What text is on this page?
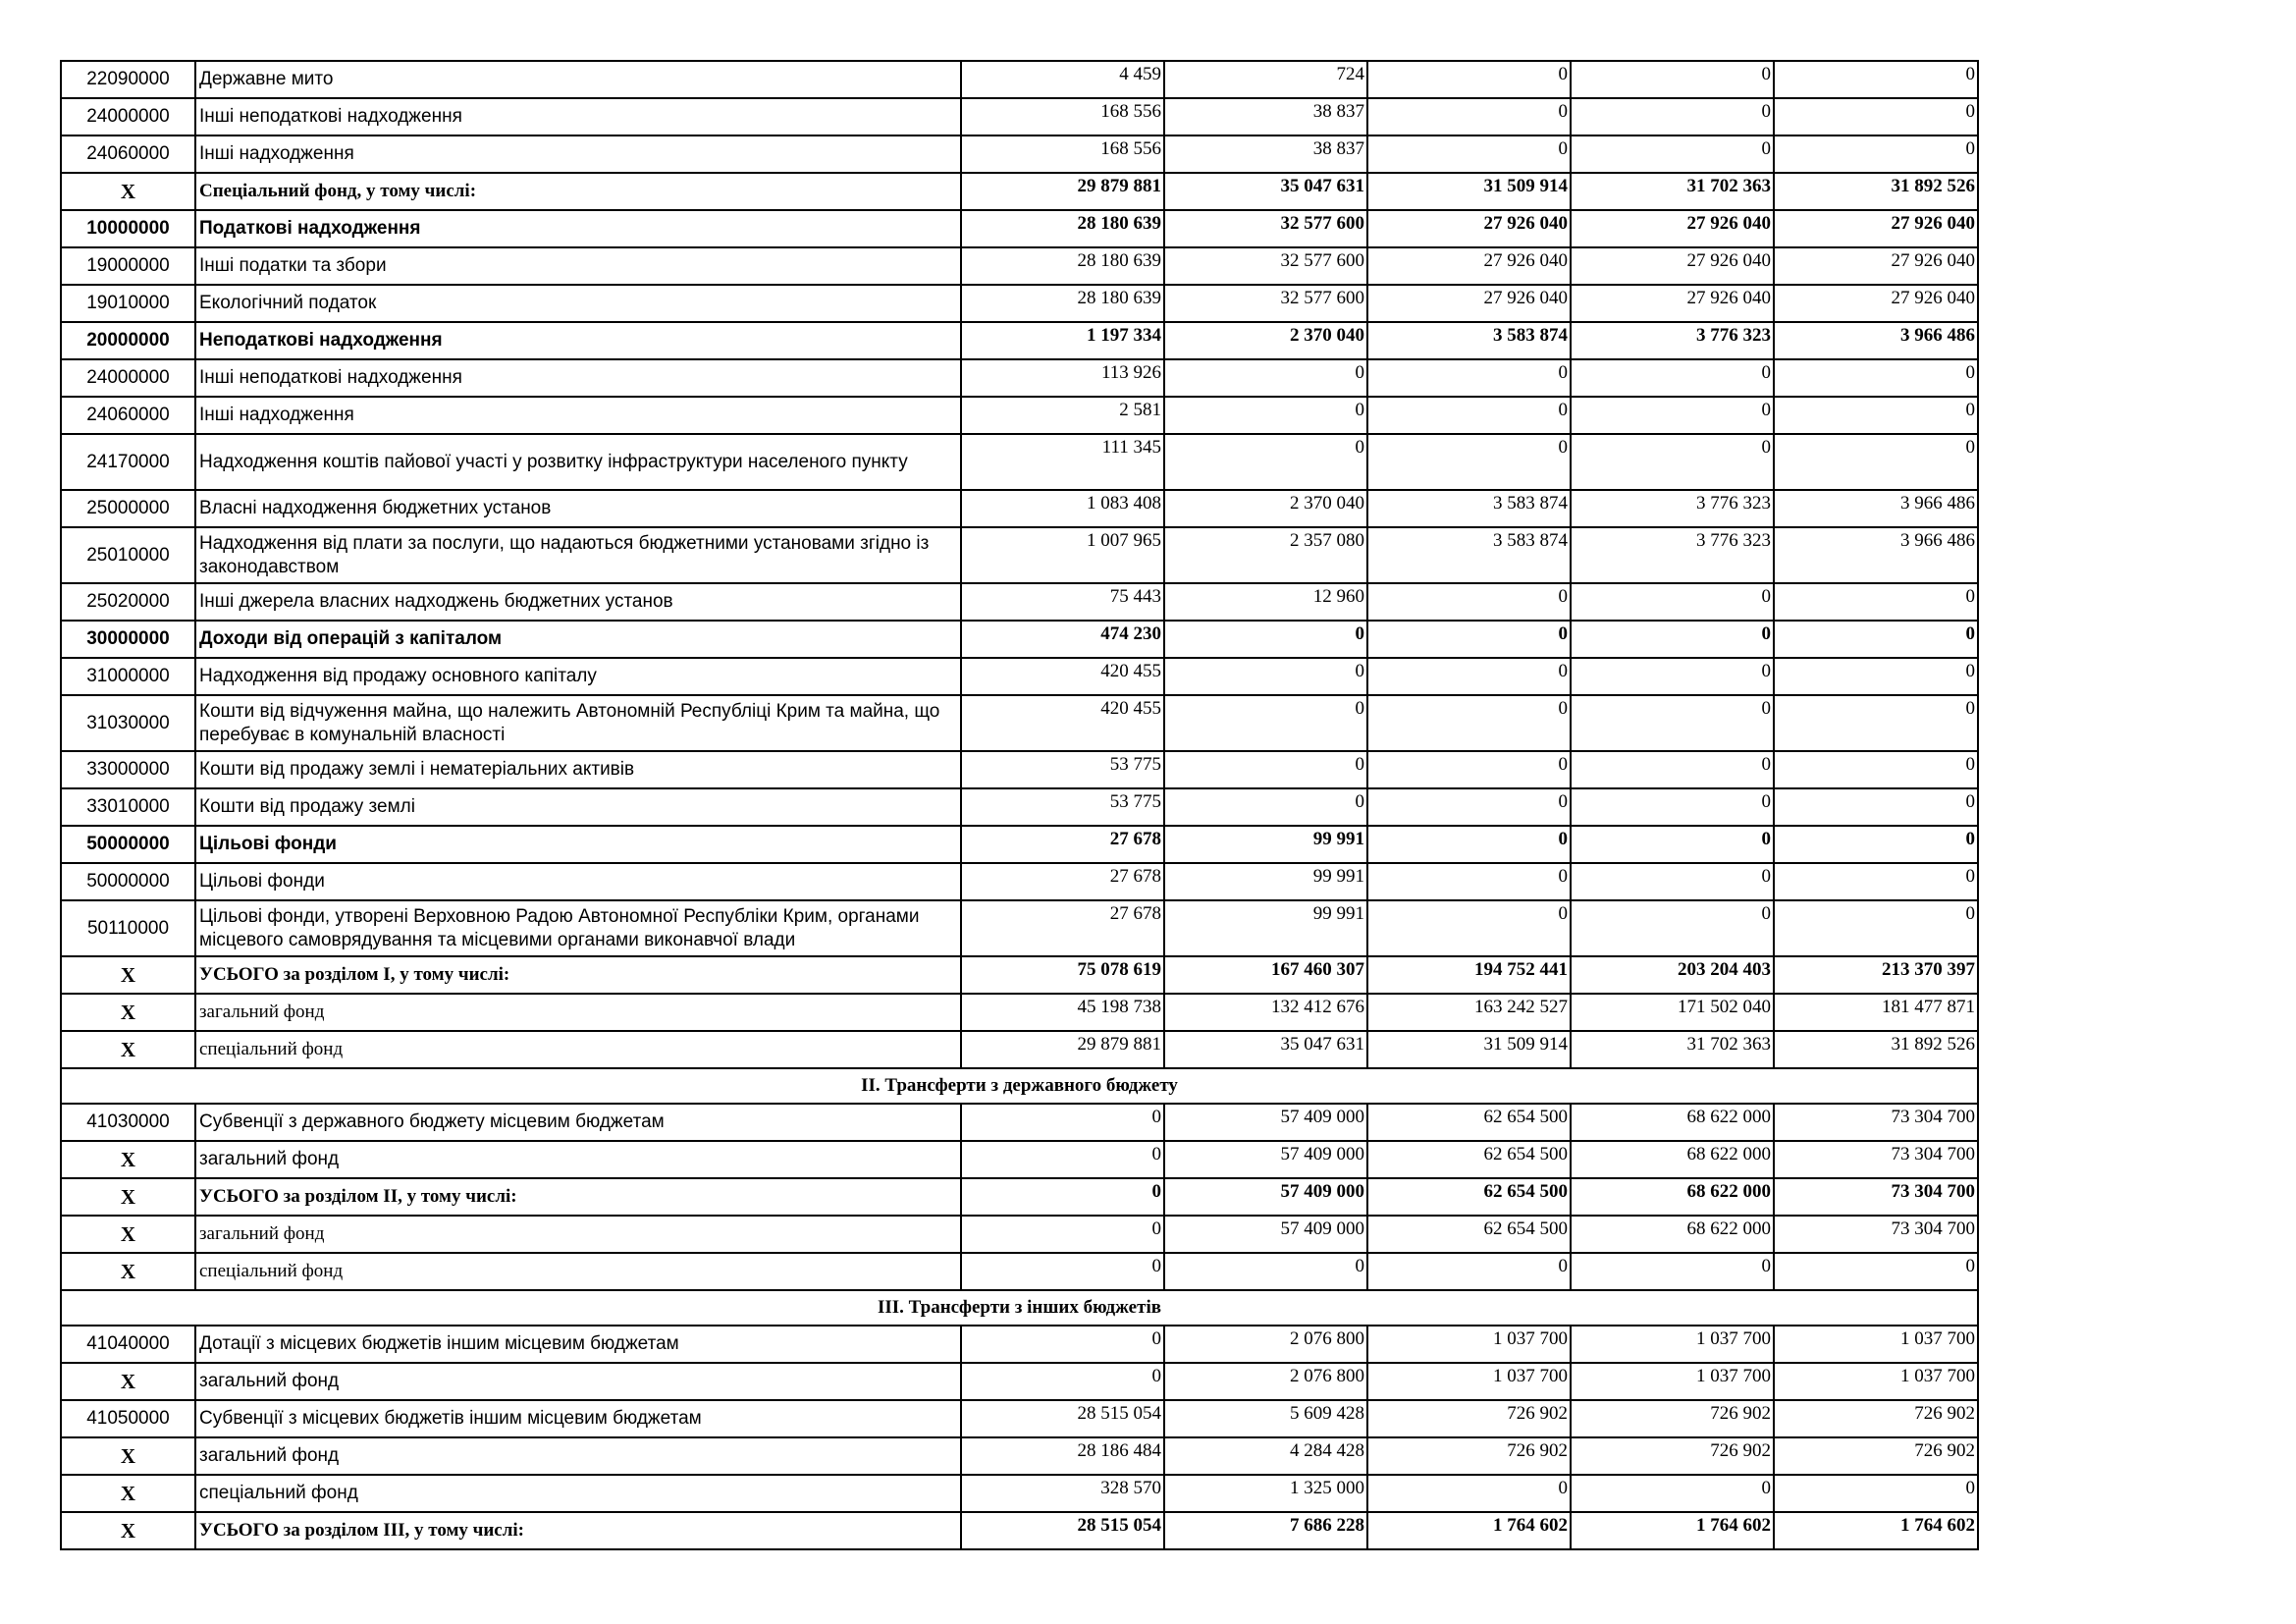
22090000	Державне мито	4 459	724	0	0	0
24000000	Інші неподаткові надходження	168 556	38 837	0	0	0
24060000	Інші надходження	168 556	38 837	0	0	0
X	Спеціальний фонд, у тому числі:	29 879 881	35 047 631	31 509 914	31 702 363	31 892 526
10000000	Податкові надходження	28 180 639	32 577 600	27 926 040	27 926 040	27 926 040
19000000	Інші податки та збори	28 180 639	32 577 600	27 926 040	27 926 040	27 926 040
19010000	Екологічний податок	28 180 639	32 577 600	27 926 040	27 926 040	27 926 040
20000000	Неподаткові надходження	1 197 334	2 370 040	3 583 874	3 776 323	3 966 486
24000000	Інші неподаткові надходження	113 926	0	0	0	0
24060000	Інші надходження	2 581	0	0	0	0
24170000	Надходження коштів пайової участі у розвитку інфраструктури населеного пункту	111 345	0	0	0	0
25000000	Власні надходження бюджетних установ	1 083 408	2 370 040	3 583 874	3 776 323	3 966 486
25010000	Надходження від плати за послуги, що надаються бюджетними установами згідно із законодавством	1 007 965	2 357 080	3 583 874	3 776 323	3 966 486
25020000	Інші джерела власних надходжень бюджетних установ	75 443	12 960	0	0	0
30000000	Доходи від операцій з капіталом	474 230	0	0	0	0
31000000	Надходження від продажу основного капіталу	420 455	0	0	0	0
31030000	Кошти від відчуження майна, що належить Автономній Республіці Крим та майна, що перебуває в комунальній власності	420 455	0	0	0	0
33000000	Кошти від продажу землі і нематеріальних активів	53 775	0	0	0	0
33010000	Кошти від продажу землі	53 775	0	0	0	0
50000000	Цільові фонди	27 678	99 991	0	0	0
50000000	Цільові фонди	27 678	99 991	0	0	0
50110000	Цільові фонди, утворені Верховною Радою Автономної Республіки Крим, органами місцевого самоврядування та місцевими органами виконавчої влади	27 678	99 991	0	0	0
X	УСЬОГО за розділом I, у тому числі:	75 078 619	167 460 307	194 752 441	203 204 403	213 370 397
X	загальний фонд	45 198 738	132 412 676	163 242 527	171 502 040	181 477 871
X	спеціальний фонд	29 879 881	35 047 631	31 509 914	31 702 363	31 892 526
II. Трансферти з державного бюджету						
41030000	Субвенції з державного бюджету місцевим бюджетам	0	57 409 000	62 654 500	68 622 000	73 304 700
X	загальний фонд	0	57 409 000	62 654 500	68 622 000	73 304 700
X	УСЬОГО за розділом II, у тому числі:	0	57 409 000	62 654 500	68 622 000	73 304 700
X	загальний фонд	0	57 409 000	62 654 500	68 622 000	73 304 700
X	спеціальний фонд	0	0	0	0	0
III. Трансферти з інших бюджетів						
41040000	Дотації з місцевих бюджетів іншим місцевим бюджетам	0	2 076 800	1 037 700	1 037 700	1 037 700
X	загальний фонд	0	2 076 800	1 037 700	1 037 700	1 037 700
41050000	Субвенції з місцевих бюджетів іншим місцевим бюджетам	28 515 054	5 609 428	726 902	726 902	726 902
X	загальний фонд	28 186 484	4 284 428	726 902	726 902	726 902
X	спеціальний фонд	328 570	1 325 000	0	0	0
X	УСЬОГО за розділом III, у тому числі:	28 515 054	7 686 228	1 764 602	1 764 602	1 764 602
